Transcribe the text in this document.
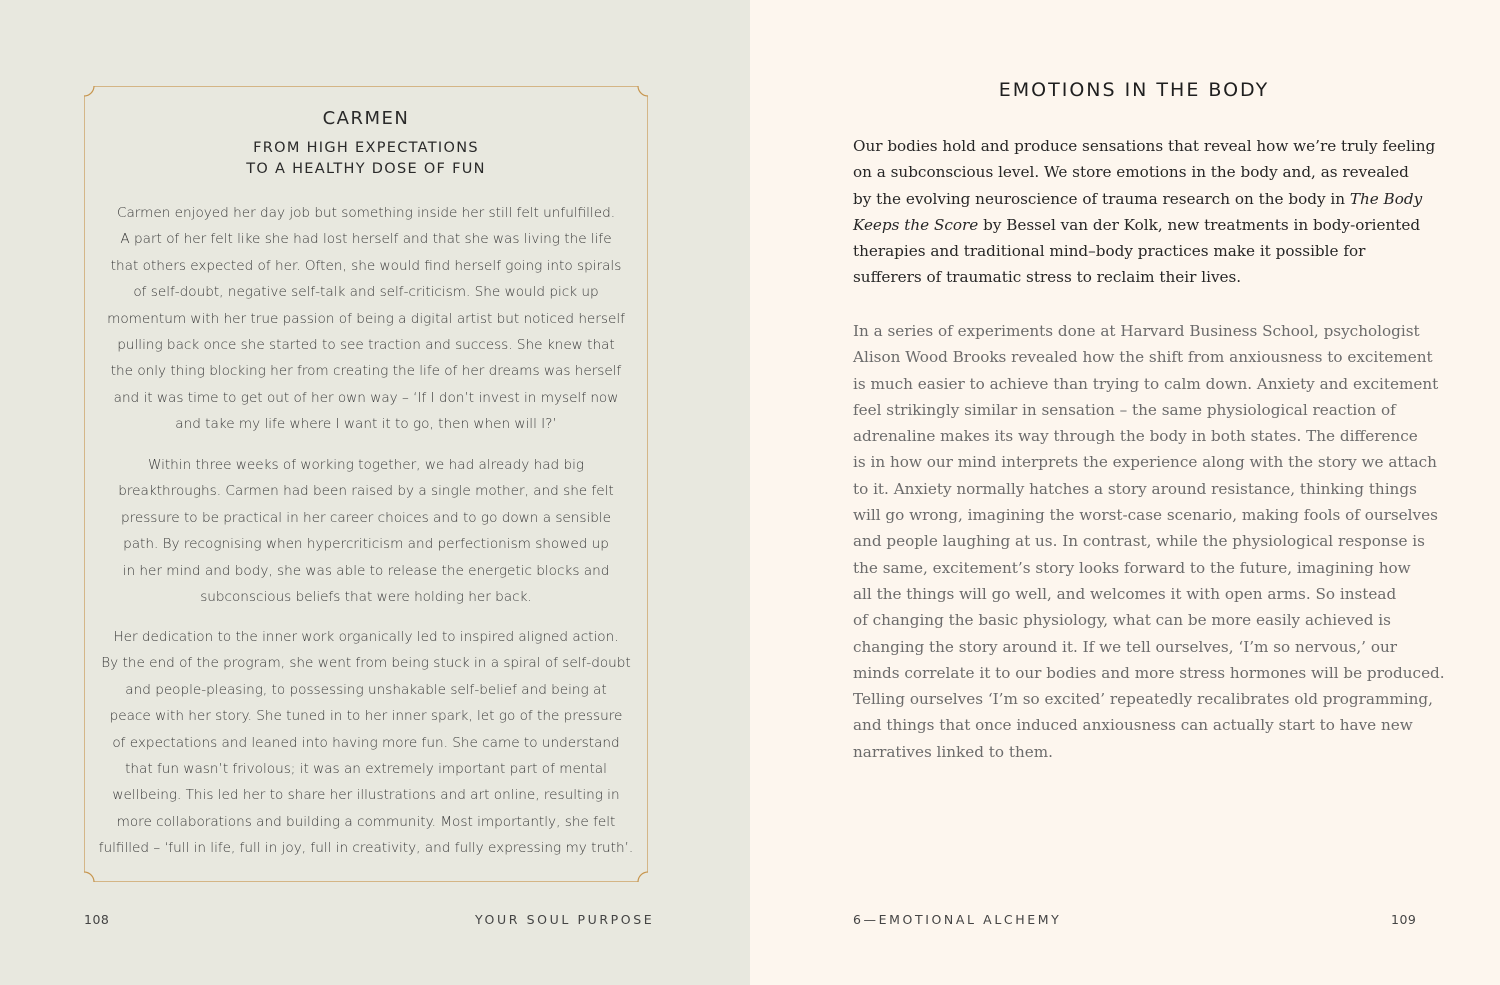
CARMEN
FROM HIGH EXPECTATIONS
TO A HEALTHY DOSE OF FUN
Carmen enjoyed her day job but something inside her still felt unfulfilled.
A part of her felt like she had lost herself and that she was living the life
that others expected of her. Often, she would find herself going into spirals
of self-doubt, negative self-talk and self-criticism. She would pick up
momentum with her true passion of being a digital artist but noticed herself
pulling back once she started to see traction and success. She knew that
the only thing blocking her from creating the life of her dreams was herself
and it was time to get out of her own way – ‘If I don’t invest in myself now
and take my life where I want it to go, then when will I?’
Within three weeks of working together, we had already had big
breakthroughs. Carmen had been raised by a single mother, and she felt
pressure to be practical in her career choices and to go down a sensible
path. By recognising when hypercriticism and perfectionism showed up
in her mind and body, she was able to release the energetic blocks and
subconscious beliefs that were holding her back.
Her dedication to the inner work organically led to inspired aligned action.
By the end of the program, she went from being stuck in a spiral of self-doubt
and people-pleasing, to possessing unshakable self-belief and being at
peace with her story. She tuned in to her inner spark, let go of the pressure
of expectations and leaned into having more fun. She came to understand
that fun wasn’t frivolous; it was an extremely important part of mental
wellbeing. This led her to share her illustrations and art online, resulting in
more collaborations and building a community. Most importantly, she felt
fulfilled – ‘full in life, full in joy, full in creativity, and fully expressing my truth’.
108	YOUR SOUL PURPOSE
EMOTIONS IN THE BODY
Our bodies hold and produce sensations that reveal how we’re truly feeling
on a subconscious level. We store emotions in the body and, as revealed
by the evolving neuroscience of trauma research on the body in The Body
Keeps the Score by Bessel van der Kolk, new treatments in body-oriented
therapies and traditional mind–body practices make it possible for
sufferers of traumatic stress to reclaim their lives.
In a series of experiments done at Harvard Business School, psychologist
Alison Wood Brooks revealed how the shift from anxiousness to excitement
is much easier to achieve than trying to calm down. Anxiety and excitement
feel strikingly similar in sensation – the same physiological reaction of
adrenaline makes its way through the body in both states. The difference
is in how our mind interprets the experience along with the story we attach
to it. Anxiety normally hatches a story around resistance, thinking things
will go wrong, imagining the worst-case scenario, making fools of ourselves
and people laughing at us. In contrast, while the physiological response is
the same, excitement’s story looks forward to the future, imagining how
all the things will go well, and welcomes it with open arms. So instead
of changing the basic physiology, what can be more easily achieved is
changing the story around it. If we tell ourselves, ‘I’m so nervous,’ our
minds correlate it to our bodies and more stress hormones will be produced.
Telling ourselves ‘I’m so excited’ repeatedly recalibrates old programming,
and things that once induced anxiousness can actually start to have new
narratives linked to them.
6—EMOTIONAL ALCHEMY	109
